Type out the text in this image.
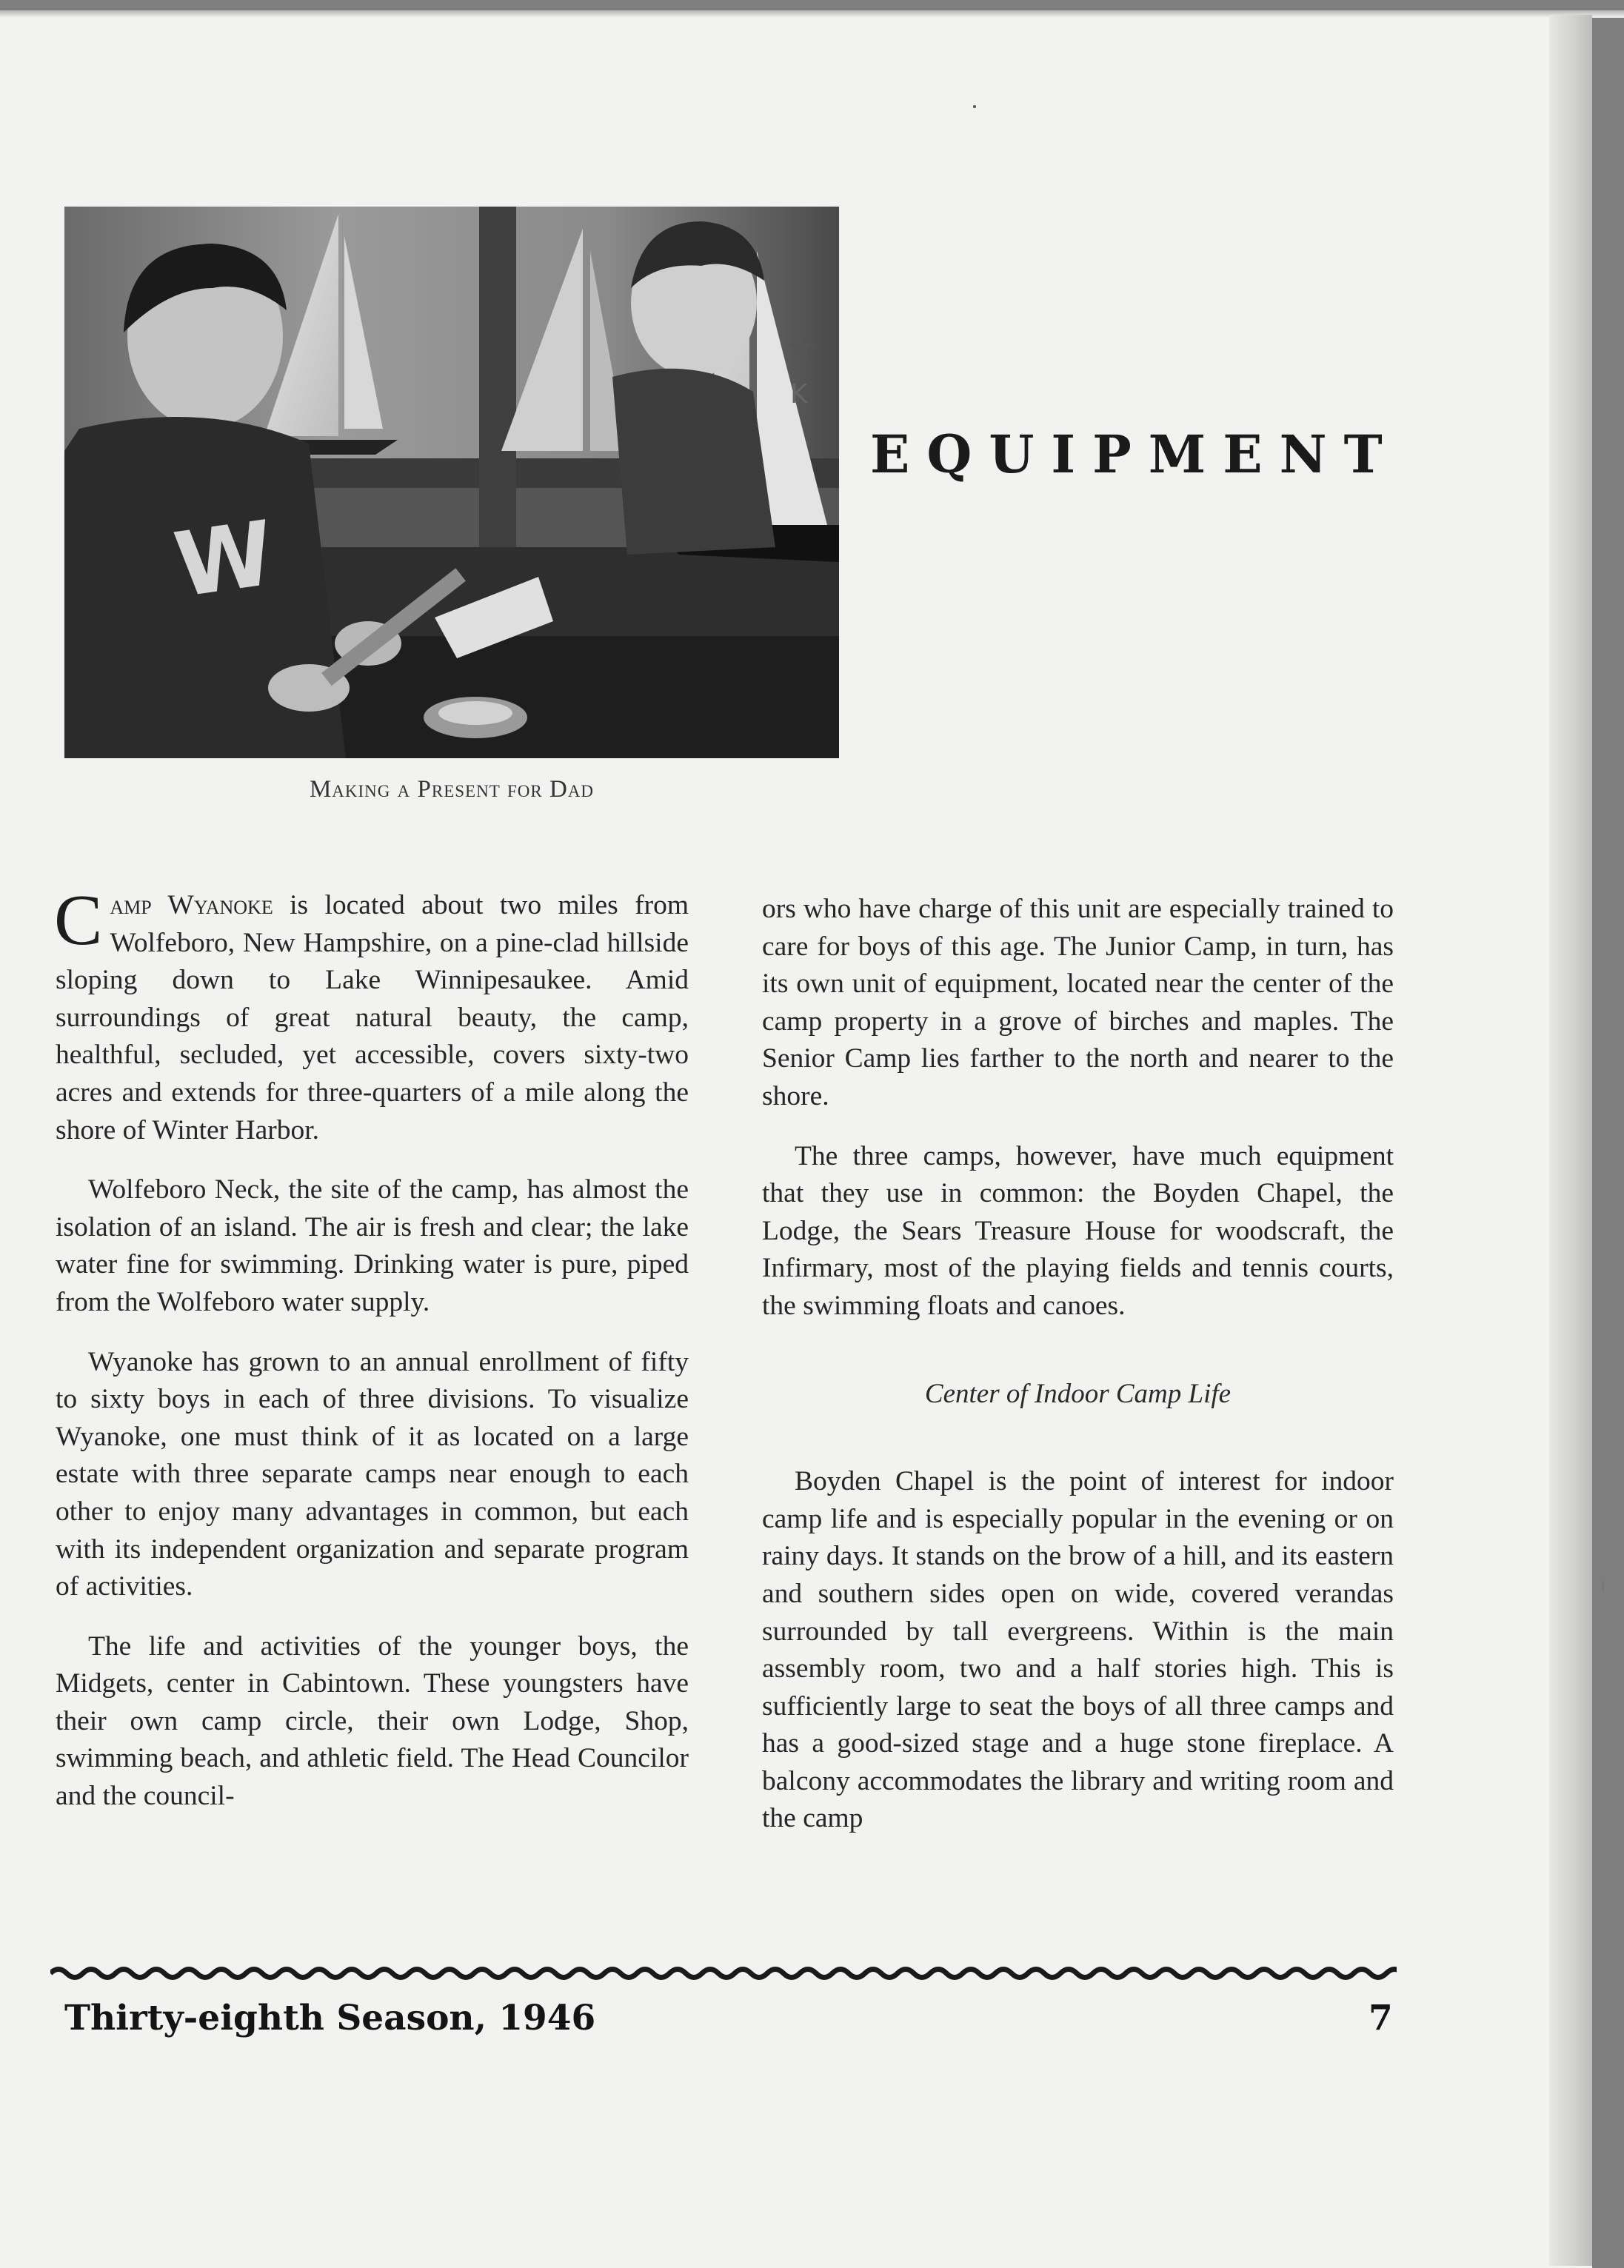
★
K
W
Making a Present for Dad
EQUIPMENT

Camp Wyanoke is located about two miles from Wolfeboro, New Hampshire, on a pine-clad hillside sloping down to Lake Winnipesaukee. Amid surroundings of great natural beauty, the camp, healthful, secluded, yet accessible, covers sixty-two acres and extends for three-quarters of a mile along the shore of Winter Harbor.

Wolfeboro Neck, the site of the camp, has almost the isolation of an island. The air is fresh and clear; the lake water fine for swimming. Drinking water is pure, piped from the Wolfeboro water supply.

Wyanoke has grown to an annual enrollment of fifty to sixty boys in each of three divisions. To visualize Wyanoke, one must think of it as located on a large estate with three separate camps near enough to each other to enjoy many advantages in common, but each with its independent organization and separate program of activities.

The life and activities of the younger boys, the Midgets, center in Cabintown. These youngsters have their own camp circle, their own Lodge, Shop, swimming beach, and athletic field. The Head Councilor and the council-

ors who have charge of this unit are especially trained to care for boys of this age. The Junior Camp, in turn, has its own unit of equipment, located near the center of the camp property in a grove of birches and maples. The Senior Camp lies farther to the north and nearer to the shore.

The three camps, however, have much equipment that they use in common: the Boyden Chapel, the Lodge, the Sears Treasure House for woodscraft, the Infirmary, most of the playing fields and tennis courts, the swimming floats and canoes.

Center of Indoor Camp Life

Boyden Chapel is the point of interest for indoor camp life and is especially popular in the evening or on rainy days. It stands on the brow of a hill, and its eastern and southern sides open on wide, covered verandas surrounded by tall evergreens. Within is the main assembly room, two and a half stories high. This is sufficiently large to seat the boys of all three camps and has a good-sized stage and a huge stone fireplace. A balcony accommodates the library and writing room and the camp

Thirty-eighth Season, 1946	7
